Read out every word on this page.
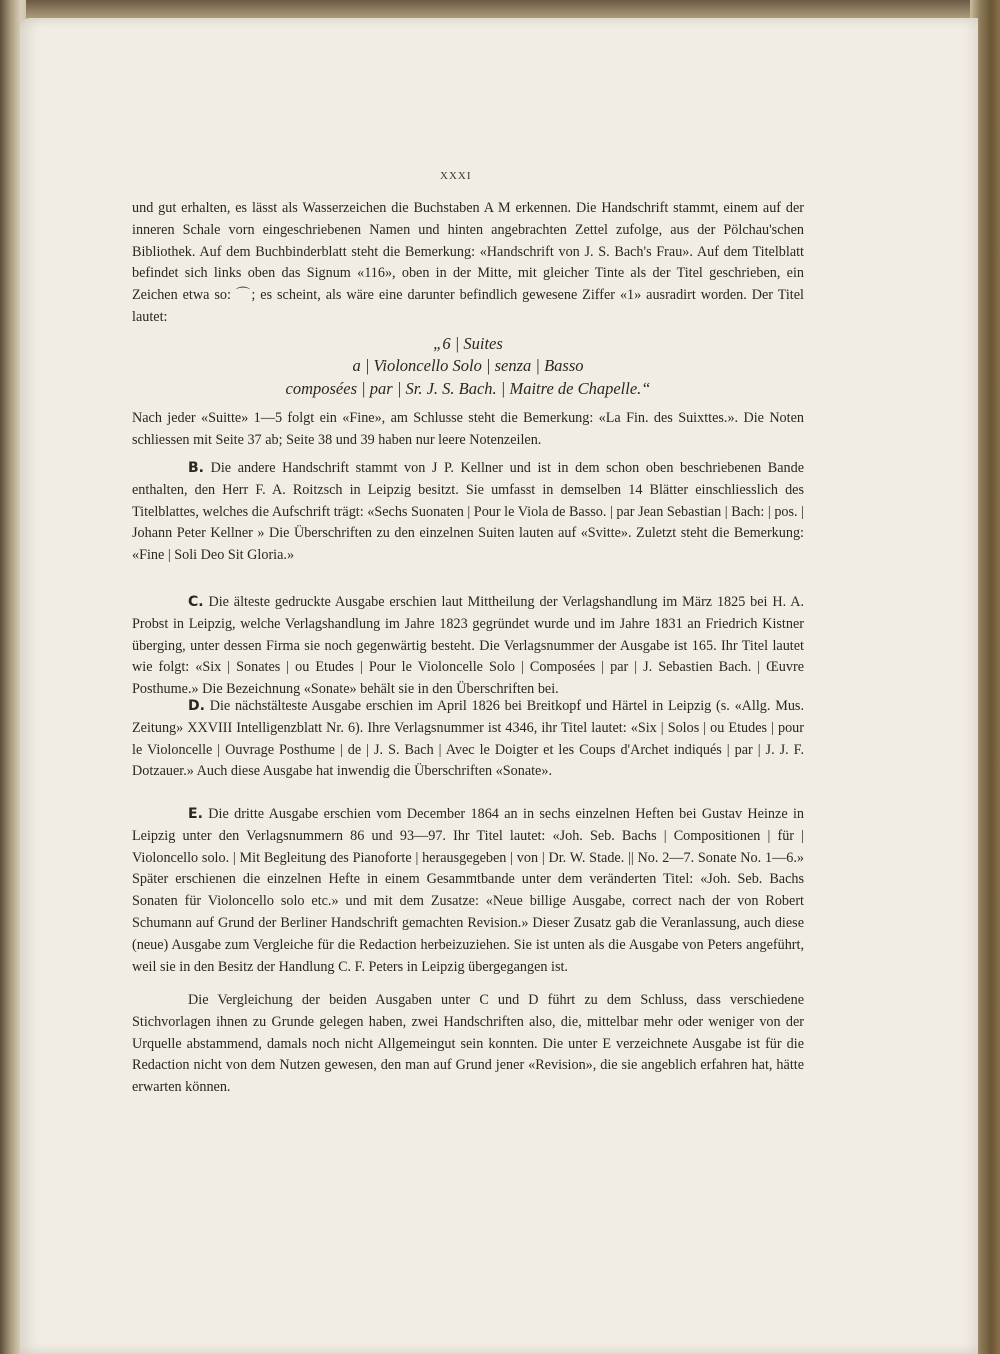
XXXI

und gut erhalten, es lässt als Wasserzeichen die Buchstaben A M erkennen. Die Handschrift stammt, einem auf der inneren Schale vorn eingeschriebenen Namen und hinten angebrachten Zettel zufolge, aus der Pölchau'schen Bibliothek. Auf dem Buchbinderblatt steht die Bemerkung: «Handschrift von J. S. Bach's Frau». Auf dem Titelblatt befindet sich links oben das Signum «116», oben in der Mitte, mit gleicher Tinte als der Titel geschrieben, ein Zeichen etwa so: ⌒; es scheint, als wäre eine darunter befindlich gewesene Ziffer «1» ausradirt worden. Der Titel lautet:

„6 | Suites
a | Violoncello Solo | senza | Basso
composées | par | Sr. J. S. Bach. | Maitre de Chapelle.“

Nach jeder «Suitte» 1—5 folgt ein «Fine», am Schlusse steht die Bemerkung: «La Fin. des Suixttes.». Die Noten schliessen mit Seite 37 ab; Seite 38 und 39 haben nur leere Notenzeilen.

B. Die andere Handschrift stammt von J P. Kellner und ist in dem schon oben beschriebenen Bande enthalten, den Herr F. A. Roitzsch in Leipzig besitzt. Sie umfasst in demselben 14 Blätter einschliesslich des Titelblattes, welches die Aufschrift trägt: «Sechs Suonaten | Pour le Viola de Basso. | par Jean Sebastian | Bach: | pos. | Johann Peter Kellner » Die Überschriften zu den einzelnen Suiten lauten auf «Svitte». Zuletzt steht die Bemerkung: «Fine | Soli Deo Sit Gloria.»

C. Die älteste gedruckte Ausgabe erschien laut Mittheilung der Verlagshandlung im März 1825 bei H. A. Probst in Leipzig, welche Verlagshandlung im Jahre 1823 gegründet wurde und im Jahre 1831 an Friedrich Kistner überging, unter dessen Firma sie noch gegenwärtig besteht. Die Verlagsnummer der Ausgabe ist 165. Ihr Titel lautet wie folgt: «Six | Sonates | ou Etudes | Pour le Violoncelle Solo | Composées | par | J. Sebastien Bach. | Œuvre Posthume.» Die Bezeichnung «Sonate» behält sie in den Überschriften bei.

D. Die nächstälteste Ausgabe erschien im April 1826 bei Breitkopf und Härtel in Leipzig (s. «Allg. Mus. Zeitung» XXVIII Intelligenzblatt Nr. 6). Ihre Verlagsnummer ist 4346, ihr Titel lautet: «Six | Solos | ou Etudes | pour le Violoncelle | Ouvrage Posthume | de | J. S. Bach | Avec le Doigter et les Coups d'Archet indiqués | par | J. J. F. Dotzauer.» Auch diese Ausgabe hat inwendig die Überschriften «Sonate».

E. Die dritte Ausgabe erschien vom December 1864 an in sechs einzelnen Heften bei Gustav Heinze in Leipzig unter den Verlagsnummern 86 und 93—97. Ihr Titel lautet: «Joh. Seb. Bachs | Compositionen | für | Violoncello solo. | Mit Begleitung des Pianoforte | herausgegeben | von | Dr. W. Stade. || No. 2—7. Sonate No. 1—6.» Später erschienen die einzelnen Hefte in einem Gesammtbande unter dem veränderten Titel: «Joh. Seb. Bachs Sonaten für Violoncello solo etc.» und mit dem Zusatze: «Neue billige Ausgabe, correct nach der von Robert Schumann auf Grund der Berliner Handschrift gemachten Revision.» Dieser Zusatz gab die Veranlassung, auch diese (neue) Ausgabe zum Vergleiche für die Redaction herbeizuziehen. Sie ist unten als die Ausgabe von Peters angeführt, weil sie in den Besitz der Handlung C. F. Peters in Leipzig übergegangen ist.

Die Vergleichung der beiden Ausgaben unter C und D führt zu dem Schluss, dass verschiedene Stichvorlagen ihnen zu Grunde gelegen haben, zwei Handschriften also, die, mittelbar mehr oder weniger von der Urquelle abstammend, damals noch nicht Allgemeingut sein konnten. Die unter E verzeichnete Ausgabe ist für die Redaction nicht von dem Nutzen gewesen, den man auf Grund jener «Revision», die sie angeblich erfahren hat, hätte erwarten können.
